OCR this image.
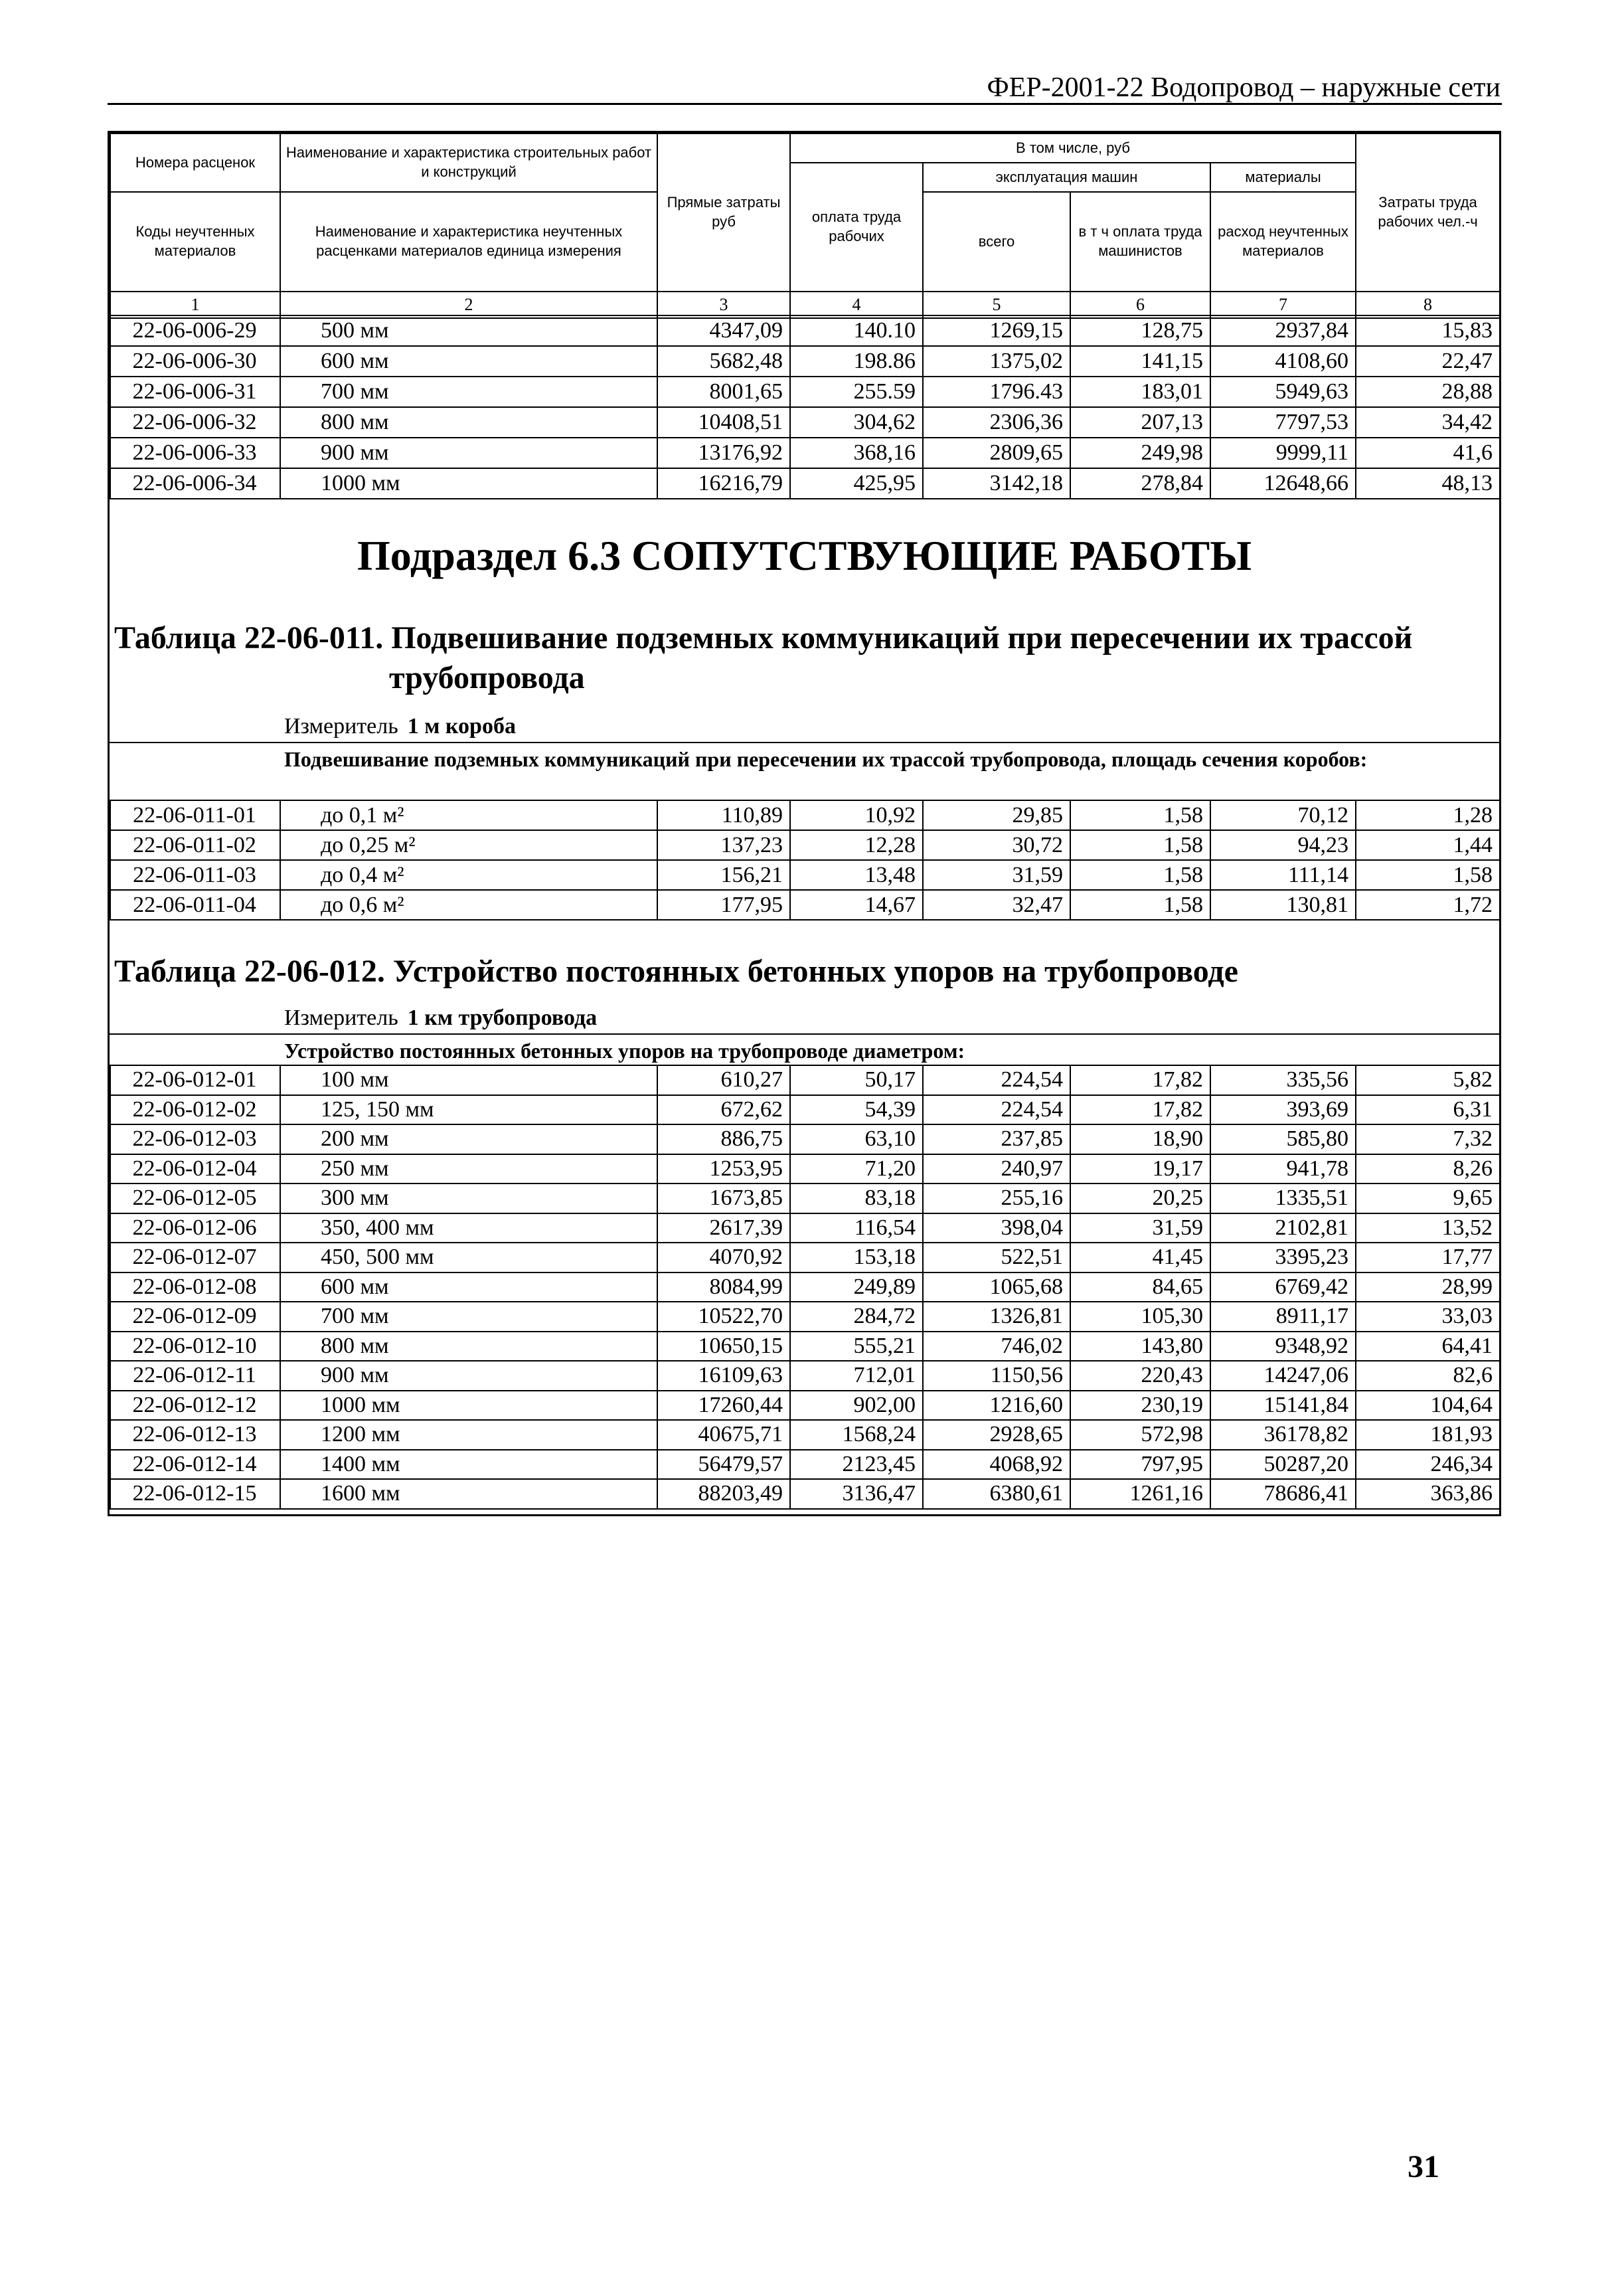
ФЕР-2001-22 Водопровод – наружные сети
Номера расценок	Наименование и характеристика строительных работ и конструкций	Прямые затраты руб	В том числе, руб				Затраты труда рабочих чел.-ч
			оплата труда рабочих	эксплуатация машин		материалы	
Коды неучтенных материалов	Наименование и характеристика неучтенных расценками материалов единица измерения			всего	в т ч оплата труда машинистов	расход неучтенных материалов	

1	2	3	4	5	6	7	8
22-06-006-29	500 мм	4347,09	140.10	1269,15	128,75	2937,84	15,83
22-06-006-30	600 мм	5682,48	198.86	1375,02	141,15	4108,60	22,47
22-06-006-31	700 мм	8001,65	255.59	1796.43	183,01	5949,63	28,88
22-06-006-32	800 мм	10408,51	304,62	2306,36	207,13	7797,53	34,42
22-06-006-33	900 мм	13176,92	368,16	2809,65	249,98	9999,11	41,6
22-06-006-34	1000 мм	16216,79	425,95	3142,18	278,84	12648,66	48,13
Подраздел 6.3 СОПУТСТВУЮЩИЕ РАБОТЫ
Таблица 22-06-011. Подвешивание подземных коммуникаций при пересечении их трассой
трубопровода
Измеритель 1 м короба
Подвешивание подземных коммуникаций при пересечении их трассой трубопровода, площадь сечения коробов:
22-06-011-01	до 0,1 м²	110,89	10,92	29,85	1,58	70,12	1,28
22-06-011-02	до 0,25 м²	137,23	12,28	30,72	1,58	94,23	1,44
22-06-011-03	до 0,4 м²	156,21	13,48	31,59	1,58	111,14	1,58
22-06-011-04	до 0,6 м²	177,95	14,67	32,47	1,58	130,81	1,72
Таблица 22-06-012. Устройство постоянных бетонных упоров на трубопроводе
Измеритель 1 км трубопровода
Устройство постоянных бетонных упоров на трубопроводе диаметром:
22-06-012-01	100 мм	610,27	50,17	224,54	17,82	335,56	5,82
22-06-012-02	125, 150 мм	672,62	54,39	224,54	17,82	393,69	6,31
22-06-012-03	200 мм	886,75	63,10	237,85	18,90	585,80	7,32
22-06-012-04	250 мм	1253,95	71,20	240,97	19,17	941,78	8,26
22-06-012-05	300 мм	1673,85	83,18	255,16	20,25	1335,51	9,65
22-06-012-06	350, 400 мм	2617,39	116,54	398,04	31,59	2102,81	13,52
22-06-012-07	450, 500 мм	4070,92	153,18	522,51	41,45	3395,23	17,77
22-06-012-08	600 мм	8084,99	249,89	1065,68	84,65	6769,42	28,99
22-06-012-09	700 мм	10522,70	284,72	1326,81	105,30	8911,17	33,03
22-06-012-10	800 мм	10650,15	555,21	746,02	143,80	9348,92	64,41
22-06-012-11	900 мм	16109,63	712,01	1150,56	220,43	14247,06	82,6
22-06-012-12	1000 мм	17260,44	902,00	1216,60	230,19	15141,84	104,64
22-06-012-13	1200 мм	40675,71	1568,24	2928,65	572,98	36178,82	181,93
22-06-012-14	1400 мм	56479,57	2123,45	4068,92	797,95	50287,20	246,34
22-06-012-15	1600 мм	88203,49	3136,47	6380,61	1261,16	78686,41	363,86
31
